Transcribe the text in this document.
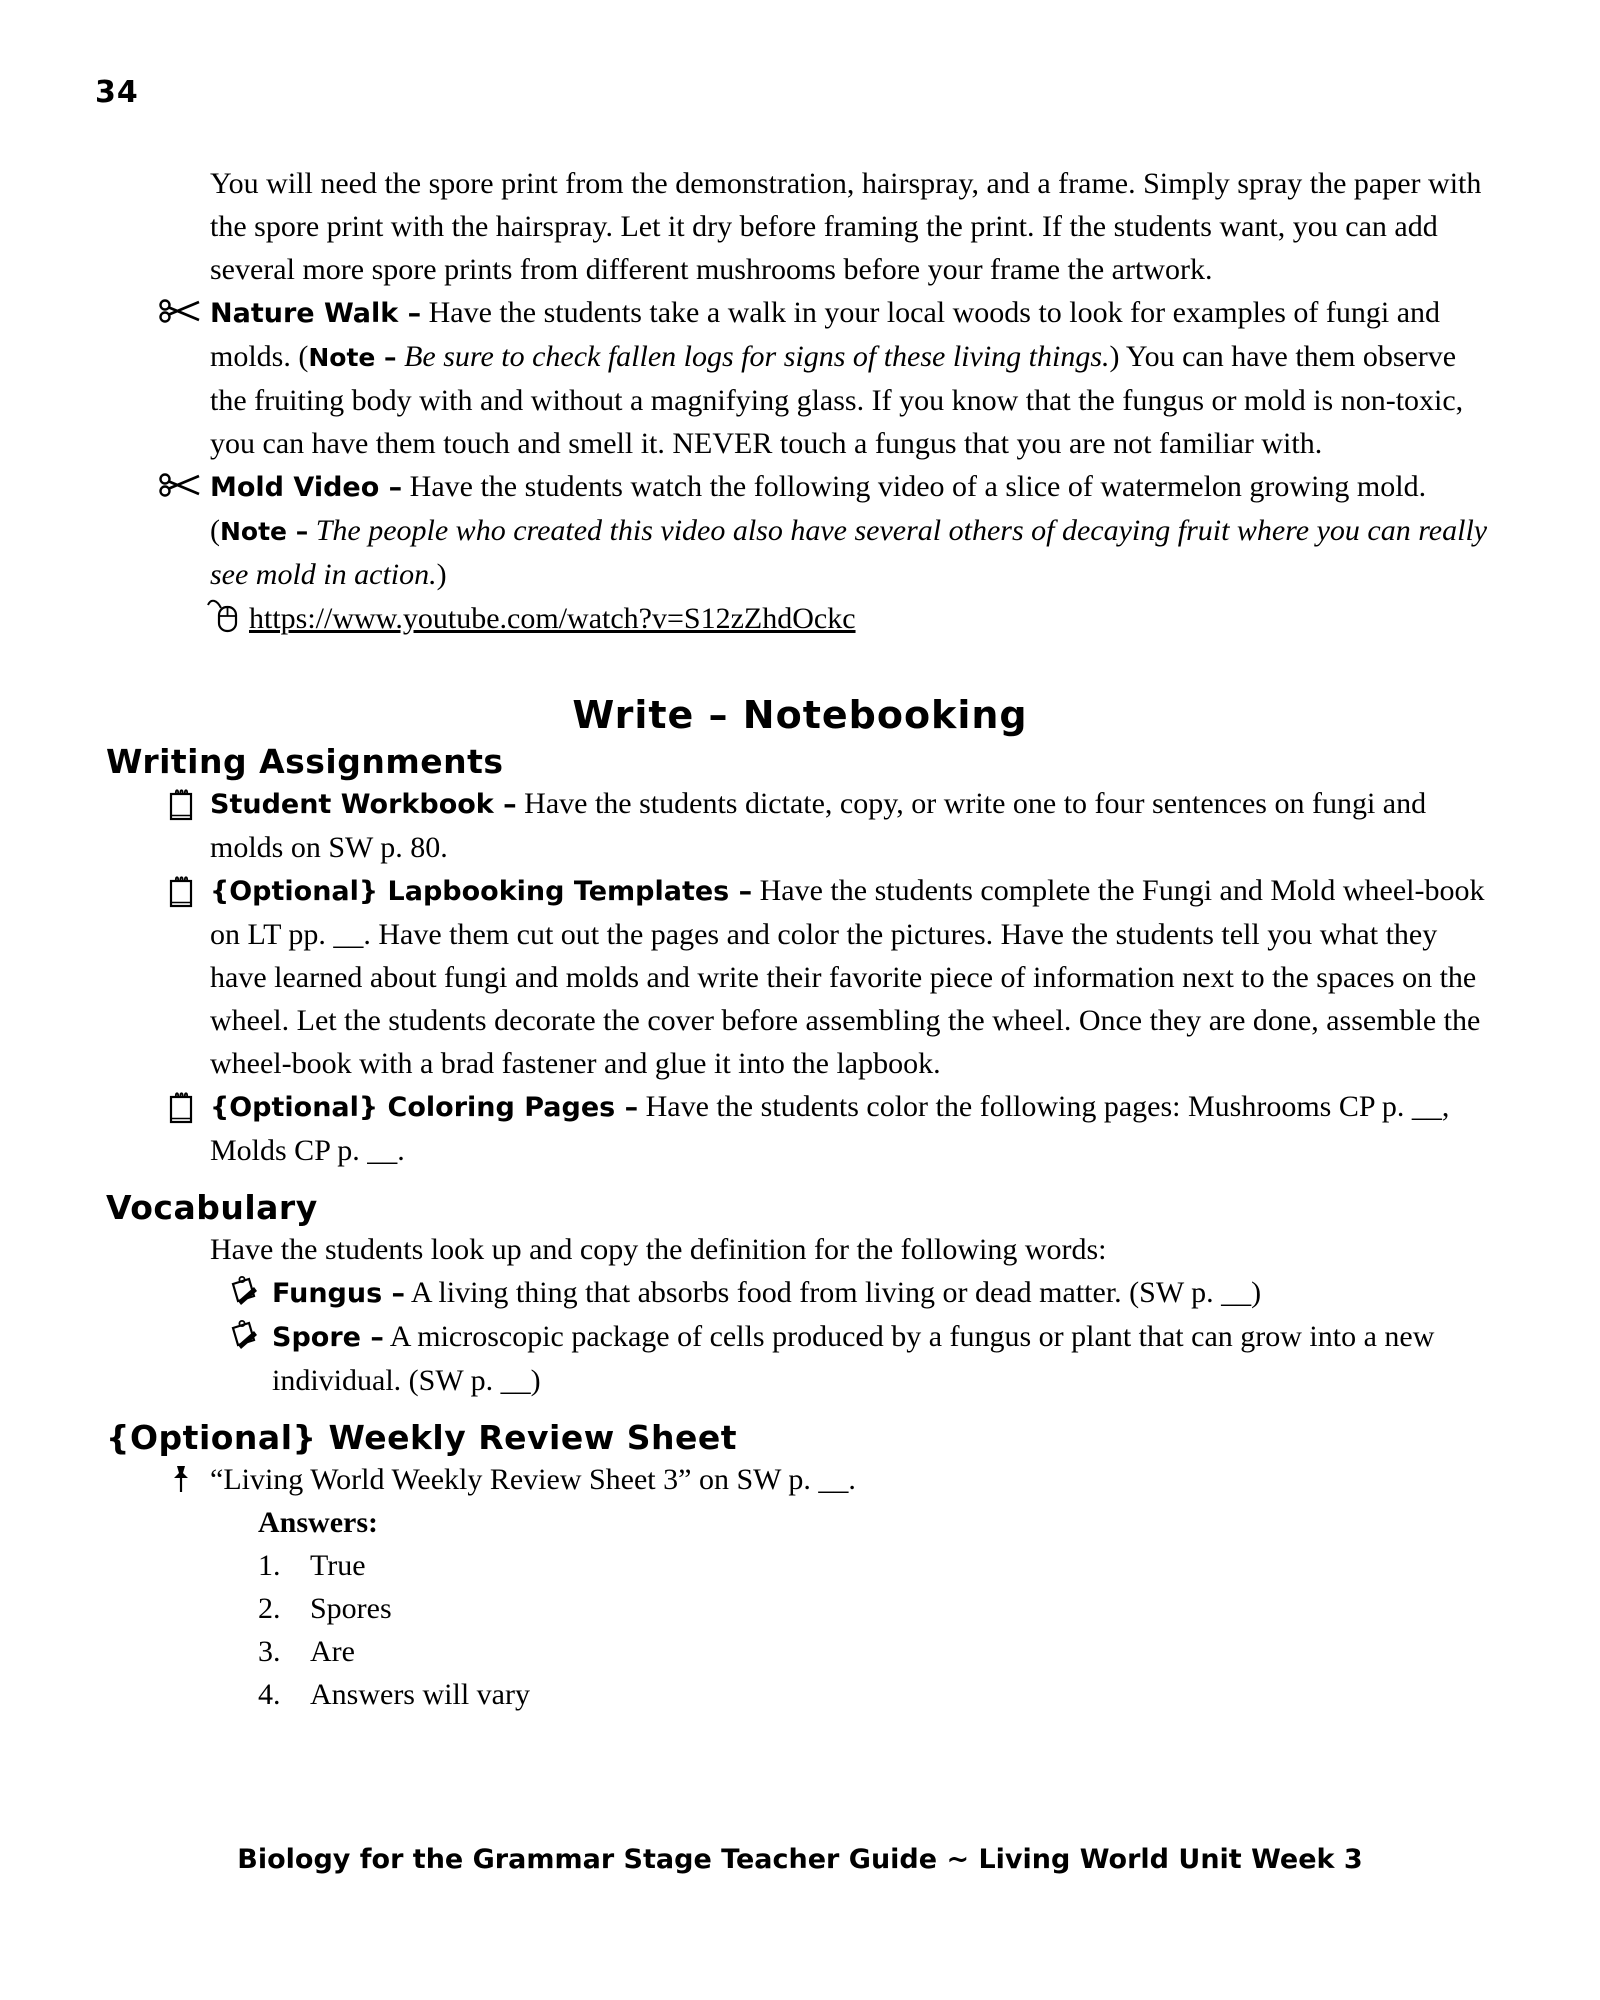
34

You will need the spore print from the demonstration, hairspray, and a frame. Simply spray the paper with the spore print with the hairspray. Let it dry before framing the print. If the students want, you can add several more spore prints from different mushrooms before your frame the artwork.

Nature Walk – Have the students take a walk in your local woods to look for examples of fungi and molds. (Note – Be sure to check fallen logs for signs of these living things.) You can have them observe the fruiting body with and without a magnifying glass. If you know that the fungus or mold is non-toxic, you can have them touch and smell it. NEVER touch a fungus that you are not familiar with.
Mold Video – Have the students watch the following video of a slice of watermelon growing mold. (Note – The people who created this video also have several others of decaying fruit where you can really see mold in action.)
https://www.youtube.com/watch?v=S12zZhdOckc
Write – Notebooking
Writing Assignments
Student Workbook – Have the students dictate, copy, or write one to four sentences on fungi and molds on SW p. 80.
{Optional} Lapbooking Templates – Have the students complete the Fungi and Mold wheel-book on LT pp. __. Have them cut out the pages and color the pictures. Have the students tell you what they have learned about fungi and molds and write their favorite piece of information next to the spaces on the wheel. Let the students decorate the cover before assembling the wheel. Once they are done, assemble the wheel-book with a brad fastener and glue it into the lapbook.
{Optional} Coloring Pages – Have the students color the following pages: Mushrooms CP p. __, Molds CP p. __.
Vocabulary

Have the students look up and copy the definition for the following words:

Fungus – A living thing that absorbs food from living or dead matter. (SW p. __)
Spore – A microscopic package of cells produced by a fungus or plant that can grow into a new individual. (SW p. __)
{Optional} Weekly Review Sheet
“Living World Weekly Review Sheet 3” on SW p. __.

Answers:

True
Spores
Are
Answers will vary
Biology for the Grammar Stage Teacher Guide ~ Living World Unit Week 3
